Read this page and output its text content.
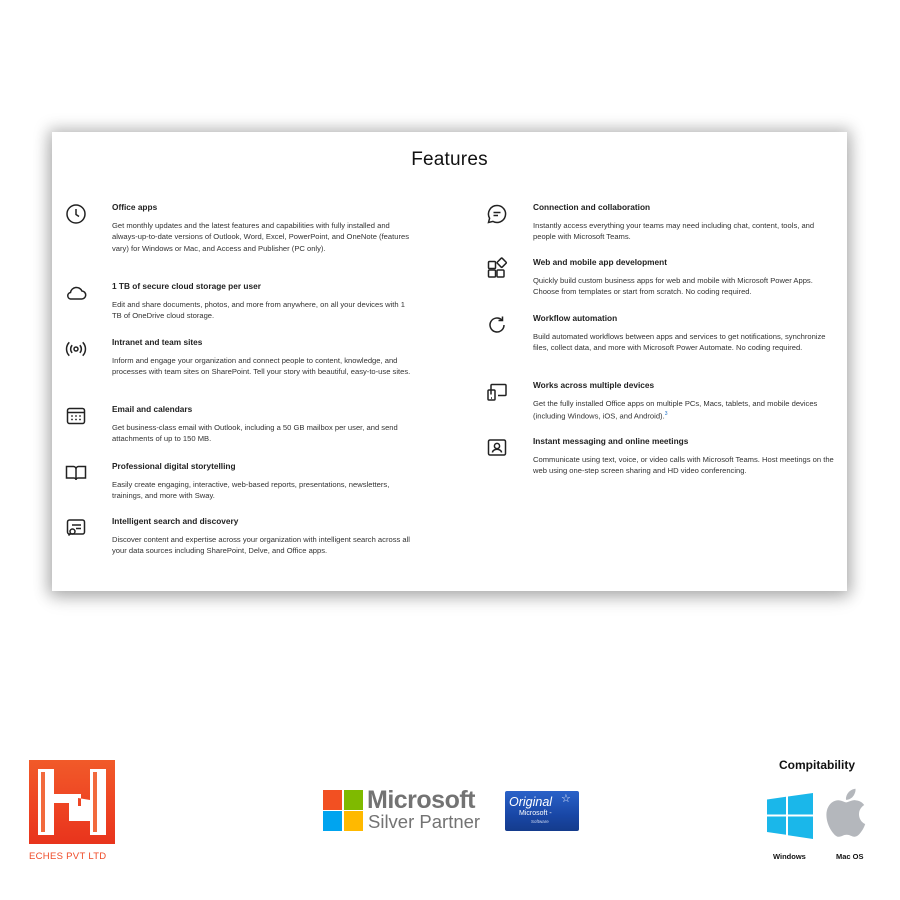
Features
Office apps

Get monthly updates and the latest features and capabilities with fully installed and always-up-to-date versions of Outlook, Word, Excel, PowerPoint, and OneNote (features vary) for Windows or Mac, and Access and Publisher (PC only).

1 TB of secure cloud storage per user

Edit and share documents, photos, and more from anywhere, on all your devices with 1 TB of OneDrive cloud storage.

Intranet and team sites

Inform and engage your organization and connect people to content, knowledge, and processes with team sites on SharePoint. Tell your story with beautiful, easy-to-use sites.

Email and calendars

Get business-class email with Outlook, including a 50 GB mailbox per user, and send attachments of up to 150 MB.

Professional digital storytelling

Easily create engaging, interactive, web-based reports, presentations, newsletters, trainings, and more with Sway.

Intelligent search and discovery

Discover content and expertise across your organization with intelligent search across all your data sources including SharePoint, Delve, and Office apps.

Connection and collaboration

Instantly access everything your teams may need including chat, content, tools, and people with Microsoft Teams.

Web and mobile app development

Quickly build custom business apps for web and mobile with Microsoft Power Apps. Choose from templates or start from scratch. No coding required.

Workflow automation

Build automated workflows between apps and services to get notifications, synchronize files, collect data, and more with Microsoft Power Automate. No coding required.

Works across multiple devices

Get the fully installed Office apps on multiple PCs, Macs, tablets, and mobile devices (including Windows, iOS, and Android).$^3$

Instant messaging and online meetings

Communicate using text, voice, or video calls with Microsoft Teams. Host meetings on the web using one-step screen sharing and HD video conferencing.

ECHES PVT LTD
Microsoft
Silver Partner
Original ☆
Microsoft -
Software
Compitability
Windows	Mac OS
